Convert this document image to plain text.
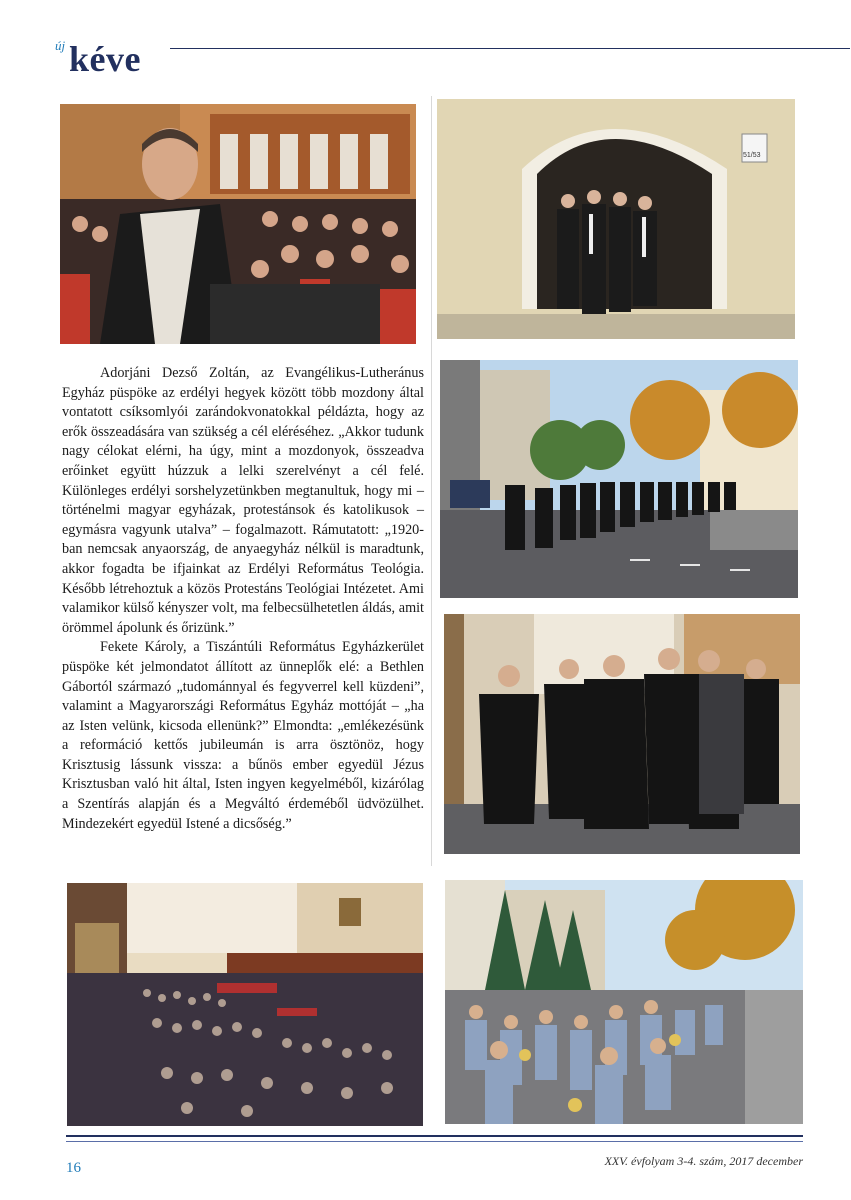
új kéve
51/53

Adorjáni Dezső Zoltán, az Evangélikus-Lutheránus Egyház püspöke az erdélyi hegyek között több mozdony által vontatott csíksomlyói zarándokvonatokkal példázta, hogy az erők összeadására van szükség a cél eléréséhez. „Akkor tudunk nagy célokat elérni, ha úgy, mint a mozdonyok, összeadva erőinket együtt húzzuk a lelki szerelvényt a cél felé. Különleges erdélyi sorshelyzetünkben megtanultuk, hogy mi – történelmi magyar egyházak, protestánsok és katolikusok – egymásra vagyunk utalva” – fogalmazott. Rámutatott: „1920-ban nemcsak anyaország, de anyaegyház nélkül is maradtunk, akkor fogadta be ifjainkat az Erdélyi Református Teológia. Később létrehoztuk a közös Protestáns Teológiai Intézetet. Ami valamikor külső kényszer volt, ma felbecsülhetetlen áldás, amit örömmel ápolunk és őrizünk.”

Fekete Károly, a Tiszántúli Református Egyházkerület püspöke két jelmondatot állított az ünneplők elé: a Bethlen Gábortól származó „tudománnyal és fegyverrel kell küzdeni”, valamint a Magyarországi Református Egyház mottóját – „ha az Isten velünk, kicsoda ellenünk?” Elmondta: „emlékezésünk a reformáció kettős jubileumán is arra ösztönöz, hogy Krisztusig lássunk vissza: a bűnös ember egyedül Jézus Krisztusban való hit által, Isten ingyen kegyelméből, kizárólag a Szentírás alapján és a Megváltó érdeméből üdvözülhet. Mindezekért egyedül Istené a dicsőség.”

16	XXV. évfolyam 3-4. szám, 2017 december
